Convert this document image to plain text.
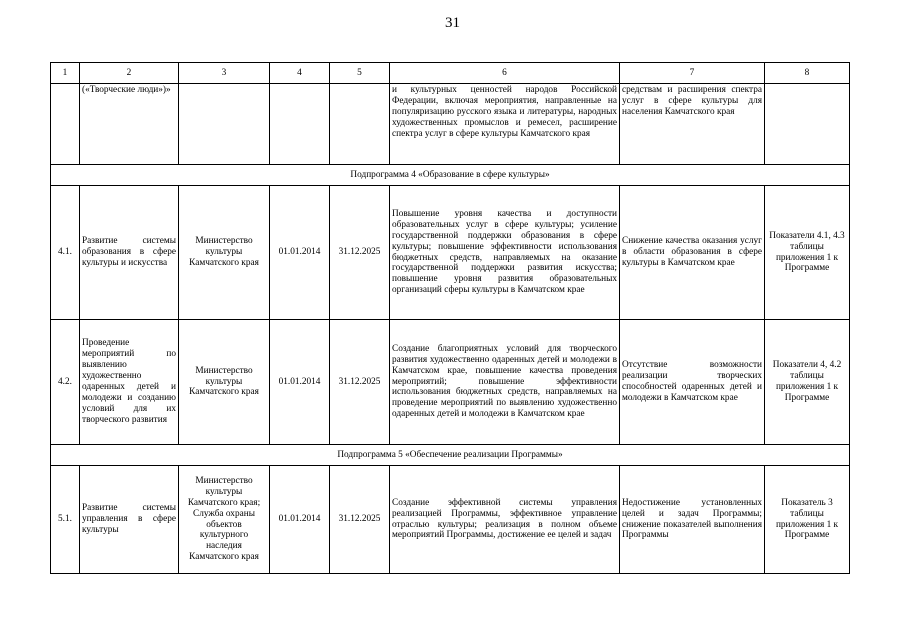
31
1	2	3	4	5	6	7	8
	(«Творческие люди»)»				и культурных ценностей народов Российской Федерации, включая мероприятия, направленные на популяризацию русского языка и литературы, народных художественных промыслов и ремесел, расширение спектра услуг в сфере культуры Камчатского края	средствам и расширения спектра услуг в сфере культуры для населения Камчатского края	
Подпрограмма 4 «Образование в сфере культуры»							
4.1.	Развитие системы образования в сфере культуры и искусства	Министерство культуры Камчатского края	01.01.2014	31.12.2025	Повышение уровня качества и доступности образовательных услуг в сфере культуры; усиление государственной поддержки образования в сфере культуры; повышение эффективности использования бюджетных средств, направляемых на оказание государственной поддержки развития искусства; повышение уровня развития образовательных организаций сферы культуры в Камчатском крае	Снижение качества оказания услуг в области образования в сфере культуры в Камчатском крае	Показатели 4.1, 4.3 таблицы приложения 1 к Программе
4.2.	Проведение мероприятий по выявлению художественно одаренных детей и молодежи и созданию условий для их творческого развития	Министерство культуры Камчатского края	01.01.2014	31.12.2025	Создание благоприятных условий для творческого развития художественно одаренных детей и молодежи в Камчатском крае, повышение качества проведения мероприятий; повышение эффективности использования бюджетных средств, направляемых на проведение мероприятий по выявлению художественно одаренных детей и молодежи в Камчатском крае	Отсутствие возможности реализации творческих способностей одаренных детей и молодежи в Камчатском крае	Показатели 4, 4.2 таблицы приложения 1 к Программе
Подпрограмма 5 «Обеспечение реализации Программы»							
5.1.	Развитие системы управления в сфере культуры	Министерство культуры Камчатского края; Служба охраны объектов культурного наследия Камчатского края	01.01.2014	31.12.2025	Создание эффективной системы управления реализацией Программы, эффективное управление отраслью культуры; реализация в полном объеме мероприятий Программы, достижение ее целей и задач	Недостижение установленных целей и задач Программы; снижение показателей выполнения Программы	Показатель 3 таблицы приложения 1 к Программе
